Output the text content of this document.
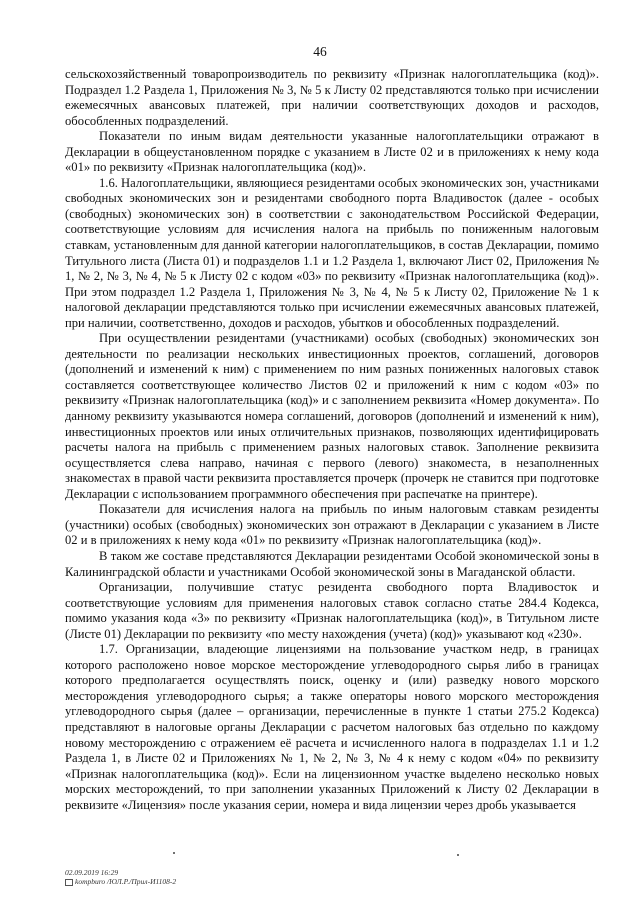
46

сельскохозяйственный товаропроизводитель по реквизиту «Признак налогоплательщика (код)». Подраздел 1.2 Раздела 1, Приложения № 3, № 5 к Листу 02 представляются только при исчислении ежемесячных авансовых платежей, при наличии соответствующих доходов и расходов, обособленных подразделений.

Показатели по иным видам деятельности указанные налогоплательщики отражают в Декларации в общеустановленном порядке с указанием в Листе 02 и в приложениях к нему кода «01» по реквизиту «Признак налогоплательщика (код)».

1.6. Налогоплательщики, являющиеся резидентами особых экономических зон, участниками свободных экономических зон и резидентами свободного порта Владивосток (далее - особых (свободных) экономических зон) в соответствии с законодательством Российской Федерации, соответствующие условиям для исчисления налога на прибыль по пониженным налоговым ставкам, установленным для данной категории налогоплательщиков, в состав Декларации, помимо Титульного листа (Листа 01) и подразделов 1.1 и 1.2 Раздела 1, включают Лист 02, Приложения № 1, № 2, № 3, № 4, № 5 к Листу 02 с кодом «03» по реквизиту «Признак налогоплательщика (код)». При этом подраздел 1.2 Раздела 1, Приложения № 3, № 4, № 5 к Листу 02, Приложение № 1 к налоговой декларации представляются только при исчислении ежемесячных авансовых платежей, при наличии, соответственно, доходов и расходов, убытков и обособленных подразделений.

При осуществлении резидентами (участниками) особых (свободных) экономических зон деятельности по реализации нескольких инвестиционных проектов, соглашений, договоров (дополнений и изменений к ним) с применением по ним разных пониженных налоговых ставок составляется соответствующее количество Листов 02 и приложений к ним с кодом «03» по реквизиту «Признак налогоплательщика (код)» и с заполнением реквизита «Номер документа». По данному реквизиту указываются номера соглашений, договоров (дополнений и изменений к ним), инвестиционных проектов или иных отличительных признаков, позволяющих идентифицировать расчеты налога на прибыль с применением разных налоговых ставок. Заполнение реквизита осуществляется слева направо, начиная с первого (левого) знакоместа, в незаполненных знакоместах в правой части реквизита проставляется прочерк (прочерк не ставится при подготовке Декларации с использованием программного обеспечения при распечатке на принтере).

Показатели для исчисления налога на прибыль по иным налоговым ставкам резиденты (участники) особых (свободных) экономических зон отражают в Декларации с указанием в Листе 02 и в приложениях к нему кода «01» по реквизиту «Признак налогоплательщика (код)».

В таком же составе представляются Декларации резидентами Особой экономической зоны в Калининградской области и участниками Особой экономической зоны в Магаданской области.

Организации, получившие статус резидента свободного порта Владивосток и соответствующие условиям для применения налоговых ставок согласно статье 284.4 Кодекса, помимо указания кода «3» по реквизиту «Признак налогоплательщика (код)», в Титульном листе (Листе 01) Декларации по реквизиту «по месту нахождения (учета) (код)» указывают код «230».

1.7. Организации, владеющие лицензиями на пользование участком недр, в границах которого расположено новое морское месторождение углеводородного сырья либо в границах которого предполагается осуществлять поиск, оценку и (или) разведку нового морского месторождения углеводородного сырья; а также операторы нового морского месторождения углеводородного сырья (далее – организации, перечисленные в пункте 1 статьи 275.2 Кодекса) представляют в налоговые органы Декларации с расчетом налоговых баз отдельно по каждому новому месторождению с отражением её расчета и исчисленного налога в подразделах 1.1 и 1.2 Раздела 1, в Листе 02 и Приложениях № 1, № 2, № 3, № 4 к нему с кодом «04» по реквизиту «Признак налогоплательщика (код)». Если на лицензионном участке выделено несколько новых морских месторождений, то при заполнении указанных Приложений к Листу 02 Декларации в реквизите «Лицензия» после указания серии, номера и вида лицензии через дробь указывается

02.09.2019 16:29
kompburo /ЮЛ.Р./Прил-И1108-2
